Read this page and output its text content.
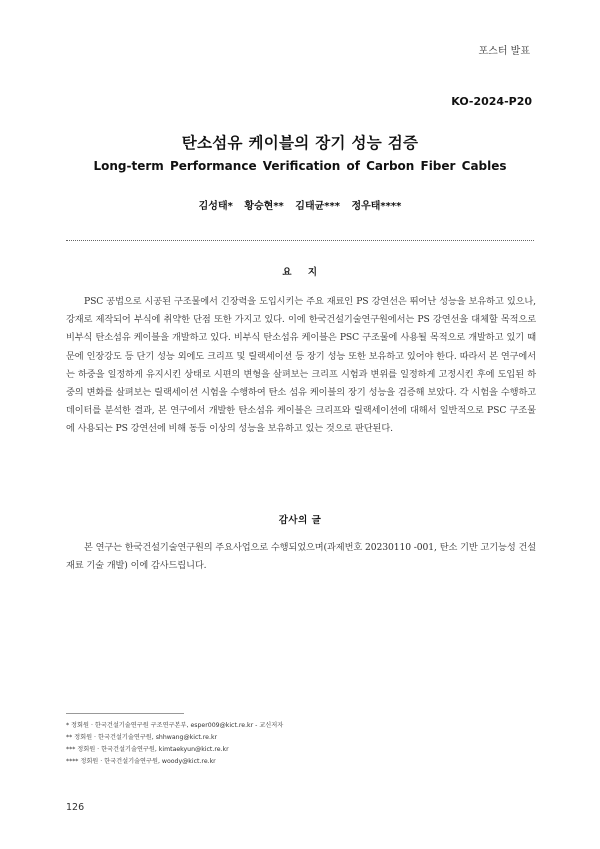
포스터 발표
KO-2024-P20
탄소섬유 케이블의 장기 성능 검증
Long-term Performance Verification of Carbon Fiber Cables
김성태* 황승현** 김태균*** 정우태****
요 지
PSC 공법으로 시공된 구조물에서 긴장력을 도입시키는 주요 재료인 PS 강연선은 뛰어난 성능을 보유하고 있으나, 강재로 제작되어 부식에 취약한 단점 또한 가지고 있다. 이에 한국건설기술연구원에서는 PS 강연선을 대체할 목적으로 비부식 탄소섬유 케이블을 개발하고 있다. 비부식 탄소섬유 케이블은 PSC 구조물에 사용될 목적으로 개발하고 있기 때문에 인장강도 등 단기 성능 외에도 크리프 및 릴랙세이션 등 장기 성능 또한 보유하고 있어야 한다. 따라서 본 연구에서는 하중을 일정하게 유지시킨 상태로 시편의 변형을 살펴보는 크리프 시험과 변위를 일정하게 고정시킨 후에 도입된 하중의 변화를 살펴보는 릴랙세이션 시험을 수행하여 탄소 섬유 케이블의 장기 성능을 검증해 보았다. 각 시험을 수행하고 데이터를 분석한 결과, 본 연구에서 개발한 탄소섬유 케이블은 크리프와 릴랙세이션에 대해서 일반적으로 PSC 구조물에 사용되는 PS 강연선에 비해 동등 이상의 성능을 보유하고 있는 것으로 판단된다.
감사의 글
본 연구는 한국건설기술연구원의 주요사업으로 수행되었으며(과제번호 20230110 -001, 탄소 기반 고기능성 건설 재료 기술 개발) 이에 감사드립니다.
* 정회원 · 한국건설기술연구원 구조연구본부, esper009@kict.re.kr - 교신저자
** 정회원 · 한국건설기술연구원, shhwang@kict.re.kr
*** 정회원 · 한국건설기술연구원, kimtaekyun@kict.re.kr
**** 정회원 · 한국건설기술연구원, woody@kict.re.kr
126
